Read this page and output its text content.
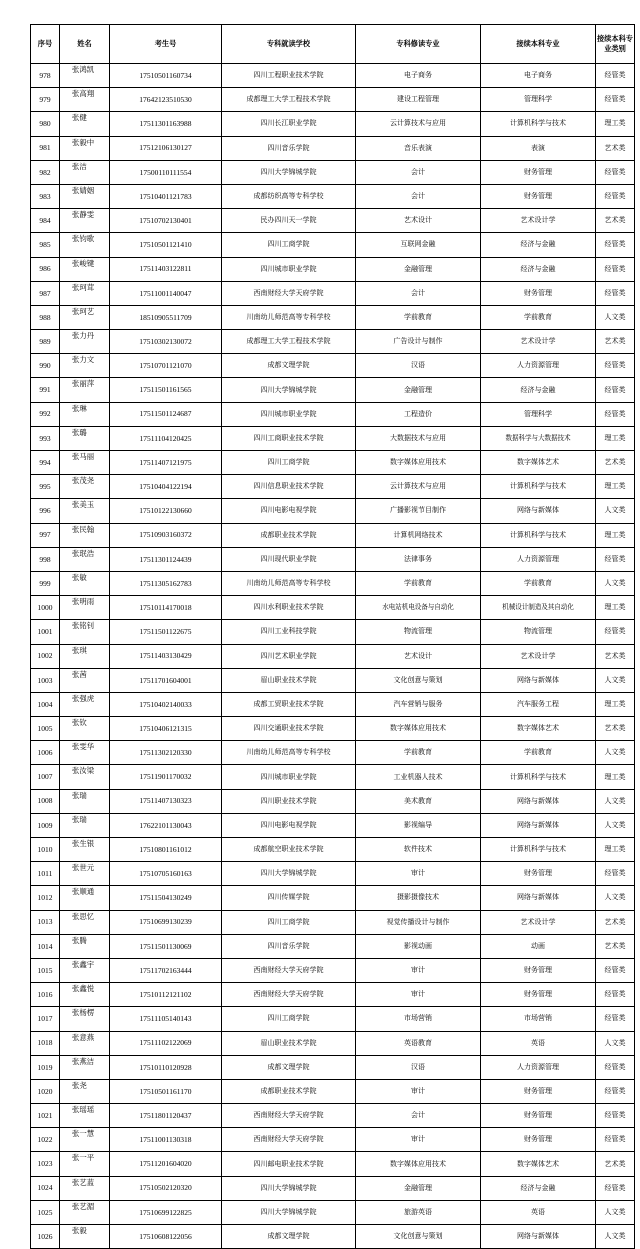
序号	姓名	考生号	专科就读学校	专科修读专业	接续本科专业	接续本科专业类别
978	张鸿凯	17510501160734	四川工程职业技术学院	电子商务	电子商务	经管类
979	张高翔	17642123510530	成都理工大学工程技术学院	建设工程管理	管理科学	经管类
980	张健	17511301163988	四川长江职业学院	云计算技术与应用	计算机科学与技术	理工类
981	张毅中	17512106130127	四川音乐学院	音乐表演	表演	艺术类
982	张洁	17500110111554	四川大学锦城学院	会计	财务管理	经管类
983	张婧姻	17510401121783	成都纺织高等专科学校	会计	财务管理	经管类
984	张静雯	17510702130401	民办四川天一学院	艺术设计	艺术设计学	艺术类
985	张钧歌	17510501121410	四川工商学院	互联网金融	经济与金融	经管类
986	张峻键	17511403122811	四川城市职业学院	金融管理	经济与金融	经管类
987	张珂茸	17511001140047	西南财经大学天府学院	会计	财务管理	经管类
988	张珂艺	18510905511709	川南幼儿师范高等专科学校	学前教育	学前教育	人文类
989	张力丹	17510302130072	成都理工大学工程技术学院	广告设计与制作	艺术设计学	艺术类
990	张力文	17510701121070	成都文理学院	汉语	人力资源管理	经管类
991	张丽萍	17511501161565	四川大学锦城学院	金融管理	经济与金融	经管类
992	张琳	17511501124687	四川城市职业学院	工程造价	管理科学	经管类
993	张璐	17511104120425	四川工商职业技术学院	大数据技术与应用	数据科学与大数据技术	理工类
994	张马丽	17511407121975	四川工商学院	数字媒体应用技术	数字媒体艺术	艺术类
995	张茂尧	17510404122194	四川信息职业技术学院	云计算技术与应用	计算机科学与技术	理工类
996	张美玉	17510122130660	四川电影电视学院	广播影视节目制作	网络与新媒体	人文类
997	张民翰	17510903160372	成都职业技术学院	计算机网络技术	计算机科学与技术	理工类
998	张珉浩	17511301124439	四川现代职业学院	法律事务	人力资源管理	经管类
999	张敏	17511305162783	川南幼儿师范高等专科学校	学前教育	学前教育	人文类
1000	张明雨	17510114170018	四川水利职业技术学院	水电站机电设备与自动化	机械设计制造及其自动化	理工类
1001	张铭钊	17511501122675	四川工业科技学院	物流管理	物流管理	经管类
1002	张琪	17511403130429	四川艺术职业学院	艺术设计	艺术设计学	艺术类
1003	张茜	17511701604001	眉山职业技术学院	文化创意与策划	网络与新媒体	人文类
1004	张强虎	17510402140033	成都工贸职业技术学院	汽车营销与服务	汽车服务工程	理工类
1005	张钦	17510406121315	四川交通职业技术学院	数字媒体应用技术	数字媒体艺术	艺术类
1006	张雯华	17511302120330	川南幼儿师范高等专科学校	学前教育	学前教育	人文类
1007	张汝梁	17511901170032	四川城市职业学院	工业机器人技术	计算机科学与技术	理工类
1008	张瑞	17511407130323	四川职业技术学院	美术教育	网络与新媒体	人文类
1009	张瑞	17622101130043	四川电影电视学院	影视编导	网络与新媒体	人文类
1010	张生银	17510801161012	成都航空职业技术学院	软件技术	计算机科学与技术	理工类
1011	张世元	17510705160163	四川大学锦城学院	审计	财务管理	经管类
1012	张顺通	17511504130249	四川传媒学院	摄影摄像技术	网络与新媒体	人文类
1013	张思忆	17510699130239	四川工商学院	视觉传播设计与制作	艺术设计学	艺术类
1014	张腾	17511501130069	四川音乐学院	影视动画	动画	艺术类
1015	张鑫宇	17511702163444	西南财经大学天府学院	审计	财务管理	经管类
1016	张鑫悦	17510112121102	西南财经大学天府学院	审计	财务管理	经管类
1017	张杨楞	17511105140143	四川工商学院	市场营销	市场营销	经管类
1018	张意燕	17511102122069	眉山职业技术学院	英语教育	英语	人文类
1019	张燕洁	17510110120928	成都文理学院	汉语	人力资源管理	经管类
1020	张尧	17510501161170	成都职业技术学院	审计	财务管理	经管类
1021	张瑶瑶	17511801120437	西南财经大学天府学院	会计	财务管理	经管类
1022	张一慧	17511001130318	西南财经大学天府学院	审计	财务管理	经管类
1023	张一平	17511201604020	四川邮电职业技术学院	数字媒体应用技术	数字媒体艺术	艺术类
1024	张艺蓝	17510502120320	四川大学锦城学院	金融管理	经济与金融	经管类
1025	张艺湄	17510699122825	四川大学锦城学院	旅游英语	英语	人文类
1026	张毅	17510608122056	成都文理学院	文化创意与策划	网络与新媒体	人文类
